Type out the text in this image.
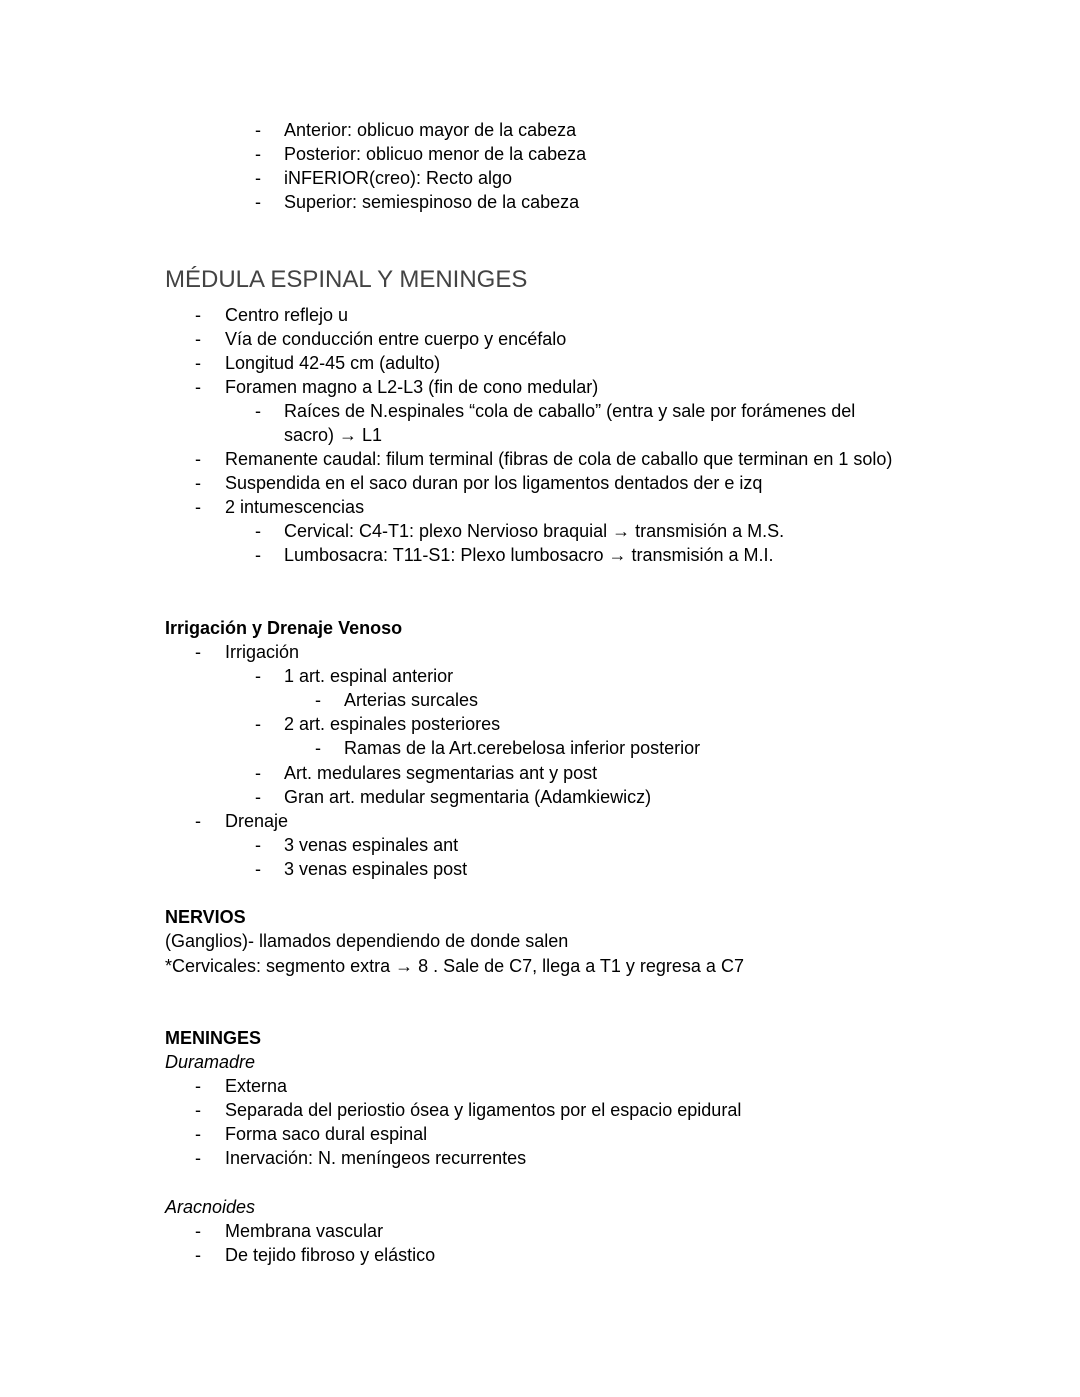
- Anterior: oblicuo mayor de la cabeza
- Posterior: oblicuo menor de la cabeza
- iNFERIOR(creo): Recto algo
- Superior: semiespinoso de la cabeza
MÉDULA ESPINAL Y MENINGES
- Centro reflejo u
- Vía de conducción entre cuerpo y encéfalo
- Longitud 42-45 cm (adulto)
- Foramen magno a L2-L3 (fin de cono medular)
- Raíces de N.espinales “cola de caballo” (entra y sale por forámenes del
sacro) → L1
- Remanente caudal: filum terminal (fibras de cola de caballo que terminan en 1 solo)
- Suspendida en el saco duran por los ligamentos dentados der e izq
- 2 intumescencias
- Cervical: C4-T1: plexo Nervioso braquial → transmisión a M.S.
- Lumbosacra: T11-S1: Plexo lumbosacro → transmisión a M.I.
Irrigación y Drenaje Venoso
- Irrigación
- 1 art. espinal anterior
- Arterias surcales
- 2 art. espinales posteriores
- Ramas de la Art.cerebelosa inferior posterior
- Art. medulares segmentarias ant y post
- Gran art. medular segmentaria (Adamkiewicz)
- Drenaje
- 3 venas espinales ant
- 3 venas espinales post
NERVIOS
(Ganglios)- llamados dependiendo de donde salen
*Cervicales: segmento extra → 8 . Sale de C7, llega a T1 y regresa a C7
MENINGES
Duramadre
- Externa
- Separada del periostio ósea y ligamentos por el espacio epidural
- Forma saco dural espinal
- Inervación: N. meníngeos recurrentes
Aracnoides
- Membrana vascular
- De tejido fibroso y elástico
